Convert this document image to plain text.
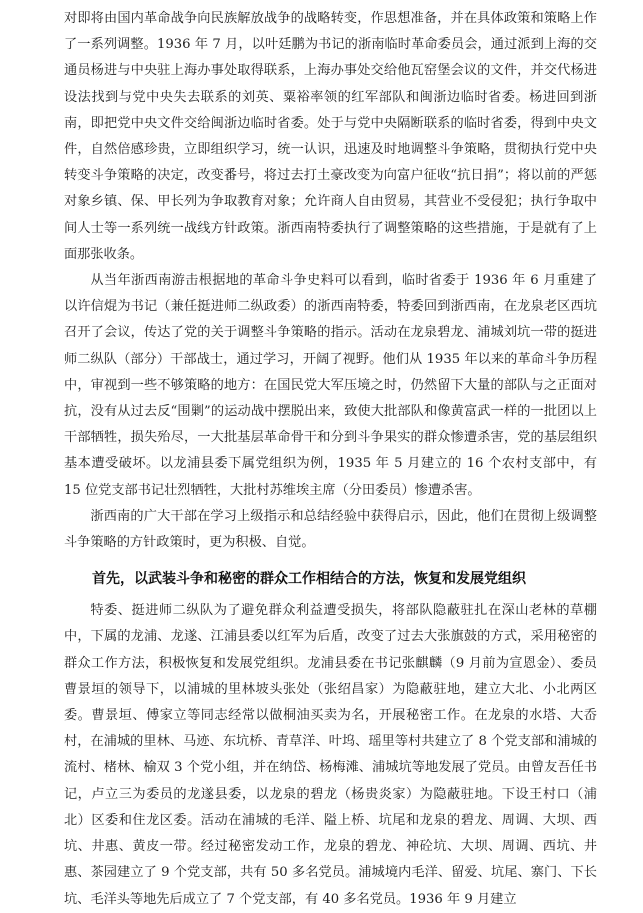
对即将由国内革命战争向民族解放战争的战略转变，作思想准备，并在具体政策和策略上作了一系列调整。1936 年 7 月，以叶廷鹏为书记的浙南临时革命委员会，通过派到上海的交通员杨进与中央驻上海办事处取得联系，上海办事处交给他瓦窑堡会议的文件，并交代杨进设法找到与党中央失去联系的刘英、粟裕率领的红军部队和闽浙边临时省委。杨进回到浙南，即把党中央文件交给闽浙边临时省委。处于与党中央隔断联系的临时省委，得到中央文件，自然倍感珍贵，立即组织学习，统一认识，迅速及时地调整斗争策略，贯彻执行党中央转变斗争策略的决定，改变番号，将过去打土豪改变为向富户征收“抗日捐”；将以前的严惩对象乡镇、保、甲长列为争取教育对象；允许商人自由贸易，其营业不受侵犯；执行争取中间人士等一系列统一战线方针政策。浙西南特委执行了调整策略的这些措施，于是就有了上面那张收条。

从当年浙西南游击根据地的革命斗争史料可以看到，临时省委于 1936 年 6 月重建了以许信焜为书记（兼任挺进师二纵政委）的浙西南特委，特委回到浙西南，在龙泉老区西坑召开了会议，传达了党的关于调整斗争策略的指示。活动在龙泉碧龙、浦城刘坑一带的挺进师二纵队（部分）干部战士，通过学习，开阔了视野。他们从 1935 年以来的革命斗争历程中，审视到一些不够策略的地方：在国民党大军压境之时，仍然留下大量的部队与之正面对抗，没有从过去反“围剿”的运动战中摆脱出来，致使大批部队和像黄富武一样的一批团以上干部牺牲，损失殆尽，一大批基层革命骨干和分到斗争果实的群众惨遭杀害，党的基层组织基本遭受破坏。以龙浦县委下属党组织为例，1935 年 5 月建立的 16 个农村支部中，有 15 位党支部书记壮烈牺牲，大批村苏维埃主席（分田委员）惨遭杀害。

浙西南的广大干部在学习上级指示和总结经验中获得启示，因此，他们在贯彻上级调整斗争策略的方针政策时，更为积极、自觉。

首先，以武装斗争和秘密的群众工作相结合的方法，恢复和发展党组织

特委、挺进师二纵队为了避免群众利益遭受损失，将部队隐蔽驻扎在深山老林的草棚中，下属的龙浦、龙遂、江浦县委以红军为后盾，改变了过去大张旗鼓的方式，采用秘密的群众工作方法，积极恢复和发展党组织。龙浦县委在书记张麒麟（9 月前为宣恩金）、委员曹景垣的领导下，以浦城的里林坡头张处（张绍昌家）为隐蔽驻地，建立大北、小北两区委。曹景垣、傅家立等同志经常以做桐油买卖为名，开展秘密工作。在龙泉的水塔、大岙村，在浦城的里林、马迹、东坑桥、青草洋、叶坞、瑶里等村共建立了 8 个党支部和浦城的流村、楮林、榆双 3 个党小组，并在纳岱、杨梅滩、浦城坑等地发展了党员。由曾友吾任书记，卢立三为委员的龙遂县委，以龙泉的碧龙（杨贵炎家）为隐蔽驻地。下设王村口（浦北）区委和住龙区委。活动在浦城的毛洋、隘上桥、坑尾和龙泉的碧龙、周调、大坝、西坑、井惠、黄皮一带。经过秘密发动工作，龙泉的碧龙、神砼坑、大坝、周调、西坑、井惠、茶园建立了 9 个党支部，共有 50 多名党员。浦城境内毛洋、留爱、坑尾、寨门、下长坑、毛洋头等地先后成立了 7 个党支部，有 40 多名党员。1936 年 9 月建立
